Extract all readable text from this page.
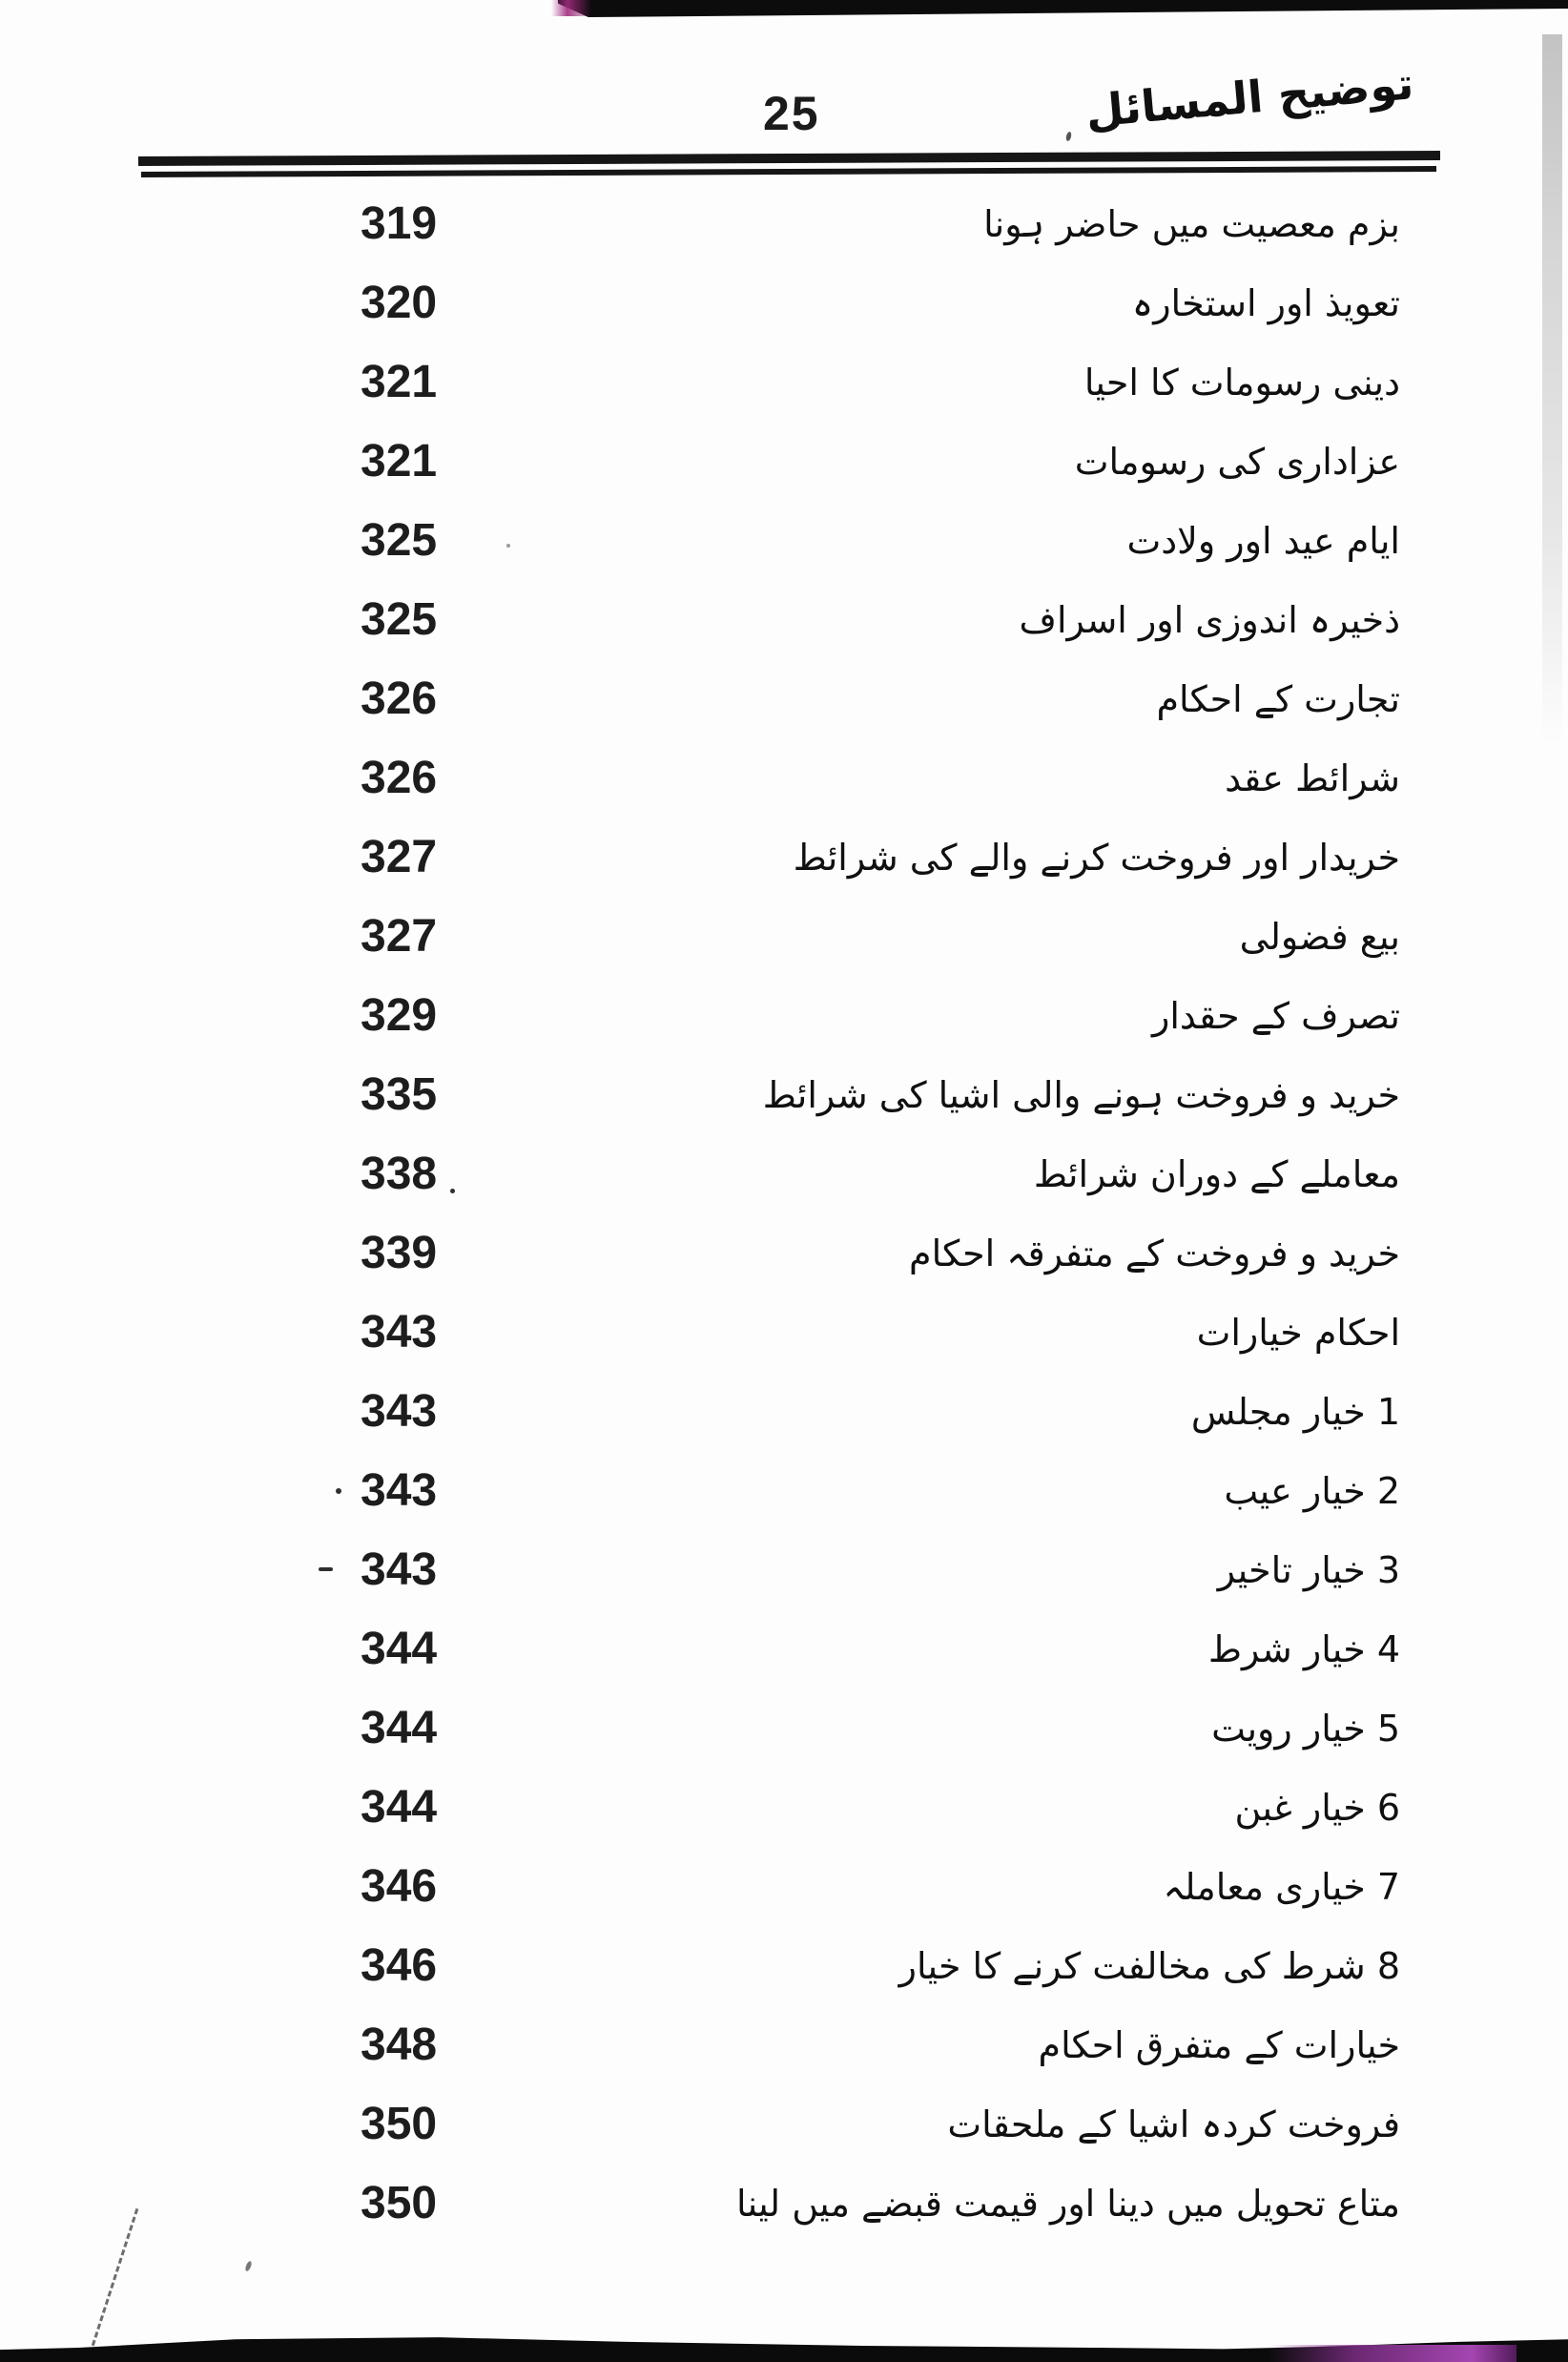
25	توضیح المسائل
319	بزم معصیت میں حاضر ہونا
320	تعویذ اور استخارہ
321	دینی رسومات کا احیا
321	عزاداری کی رسومات
325	ایام عید اور ولادت
325	ذخیرہ اندوزی اور اسراف
326	تجارت کے احکام
326	شرائط عقد
327	خریدار اور فروخت کرنے والے کی شرائط
327	بیع فضولی
329	تصرف کے حقدار
335	خرید و فروخت ہونے والی اشیا کی شرائط
338	معاملے کے دوران شرائط
339	خرید و فروخت کے متفرقہ احکام
343	احکام خیارات
343	1 خیار مجلس
343	2 خیار عیب
343	3 خیار تاخیر
344	4 خیار شرط
344	5 خیار رویت
344	6 خیار غبن
346	7 خیاری معاملہ
346	8 شرط کی مخالفت کرنے کا خیار
348	خیارات کے متفرق احکام
350	فروخت کردہ اشیا کے ملحقات
350	متاع تحویل میں دینا اور قیمت قبضے میں لینا
